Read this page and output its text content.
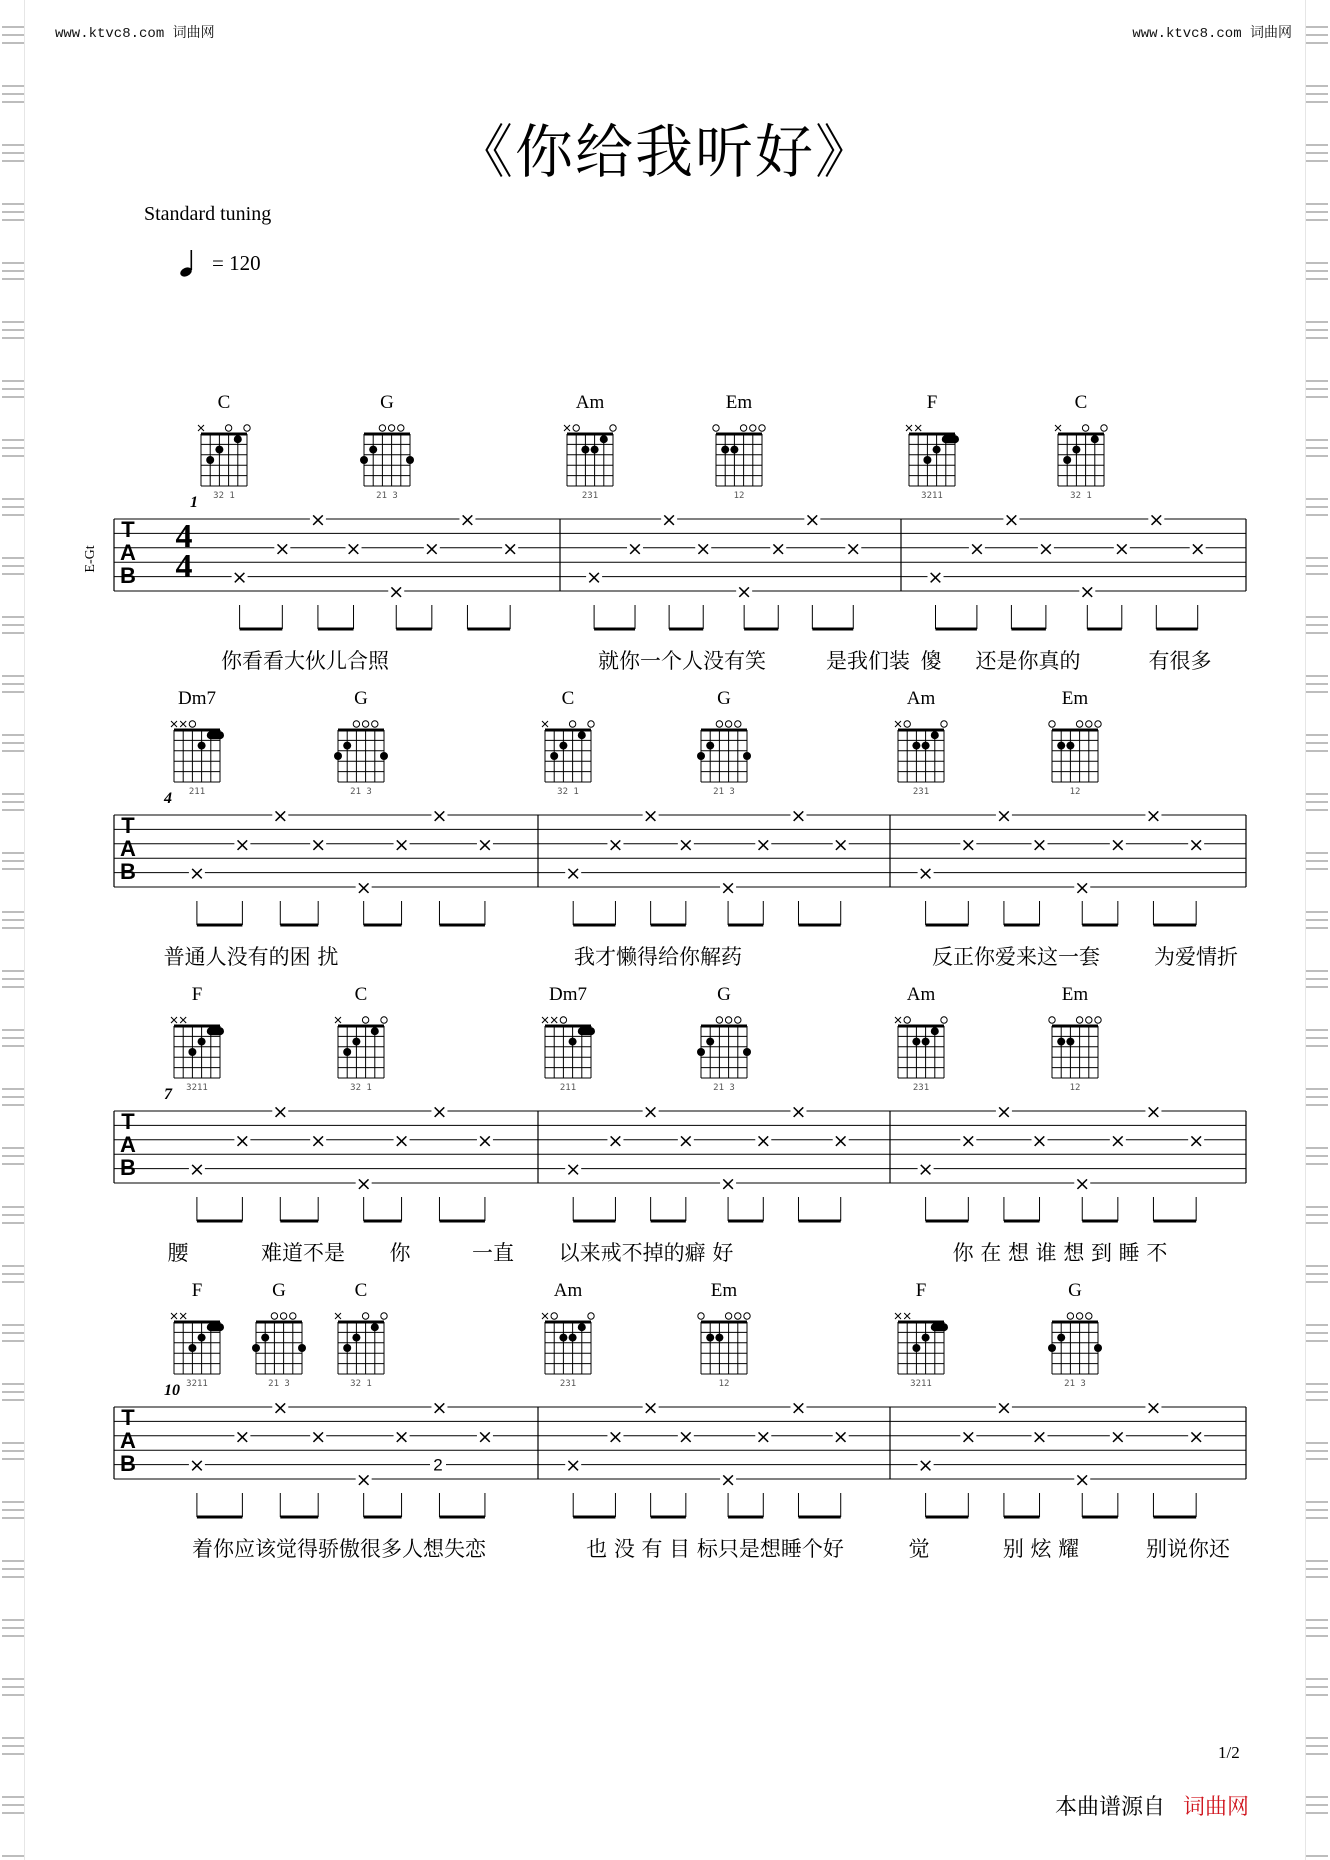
www.ktvc8.com 词曲网	www.ktvc8.com 词曲网
《你给我听好》
Standard tuning
= 120
C
32 1
G
21 3
Am
231
Em
12
F
3211
C
32 1
T
A
B
1
×
×
×
×
×
×
×
×
×
×
×
×
×
×
×
×
×
×
×
×
×
×
×
×
你看看大伙儿合照	就你一个人没有笑	是我们装 傻 还是你真的	有很多
Dm7
211
G
21 3
C
32 1
G
21 3
Am
231
Em
12
T
A
B
4
×
×
×
×
×
×
×
×
×
×
×
×
×
×
×
×
×
×
×
×
×
×
×
×
普通人没有的困 扰	我才懒得给你解药	反正你爱来这一套	为爱情折
F
3211
C
32 1
Dm7
211
G
21 3
Am
231
Em
12
T
A
B
7
×
×
×
×
×
×
×
×
×
×
×
×
×
×
×
×
×
×
×
×
×
×
×
×
腰	难道不是 你	一直 以来戒不掉的癖 好	你 在 想 谁 想 到 睡 不
F
3211
G
21 3
C
32 1
Am
231
Em
12
F
3211
G
21 3
T
A
B
10
×
×
×
×
×
×
×
×
×
×
×
×
×
×
×
×
×
×
×
×
×
×
×
×
着你应该觉得骄傲很多人想失恋	也 没 有 目 标只是想睡个好	觉	别 炫 耀	别说你还
2
4
4
E-Gt
1/2
本曲谱源自 词曲网
